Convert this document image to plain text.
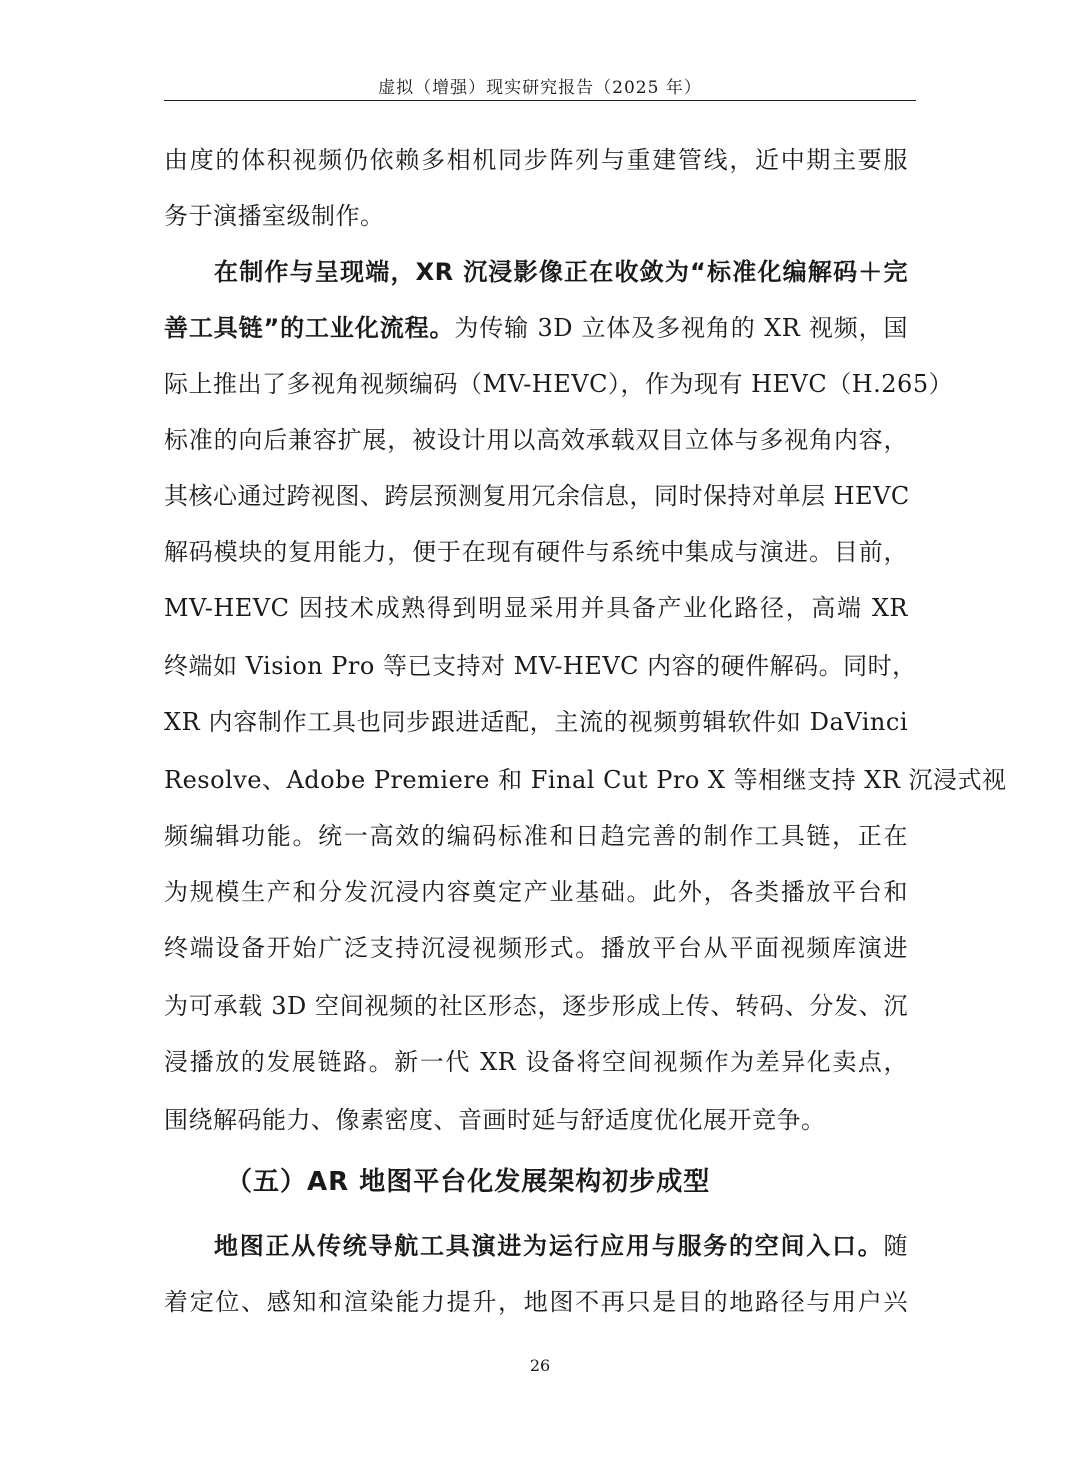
虚拟（增强）现实研究报告（2025 年）
由度的体积视频仍依赖多相机同步阵列与重建管线，近中期主要服
务于演播室级制作。
在制作与呈现端，XR 沉浸影像正在收敛为“标准化编解码＋完
善工具链”的工业化流程。为传输 3D 立体及多视角的 XR 视频，国
际上推出了多视角视频编码（MV-HEVC），作为现有 HEVC（H.265）
标准的向后兼容扩展，被设计用以高效承载双目立体与多视角内容，
其核心通过跨视图、跨层预测复用冗余信息，同时保持对单层 HEVC
解码模块的复用能力，便于在现有硬件与系统中集成与演进。目前，
MV-HEVC 因技术成熟得到明显采用并具备产业化路径，高端 XR
终端如 Vision Pro 等已支持对 MV-HEVC 内容的硬件解码。同时，
XR 内容制作工具也同步跟进适配，主流的视频剪辑软件如 DaVinci
Resolve、Adobe Premiere 和 Final Cut Pro X 等相继支持 XR 沉浸式视
频编辑功能。统一高效的编码标准和日趋完善的制作工具链，正在
为规模生产和分发沉浸内容奠定产业基础。此外，各类播放平台和
终端设备开始广泛支持沉浸视频形式。播放平台从平面视频库演进
为可承载 3D 空间视频的社区形态，逐步形成上传、转码、分发、沉
浸播放的发展链路。新一代 XR 设备将空间视频作为差异化卖点，
围绕解码能力、像素密度、音画时延与舒适度优化展开竞争。
（五）AR 地图平台化发展架构初步成型
地图正从传统导航工具演进为运行应用与服务的空间入口。随
着定位、感知和渲染能力提升，地图不再只是目的地路径与用户兴
26
